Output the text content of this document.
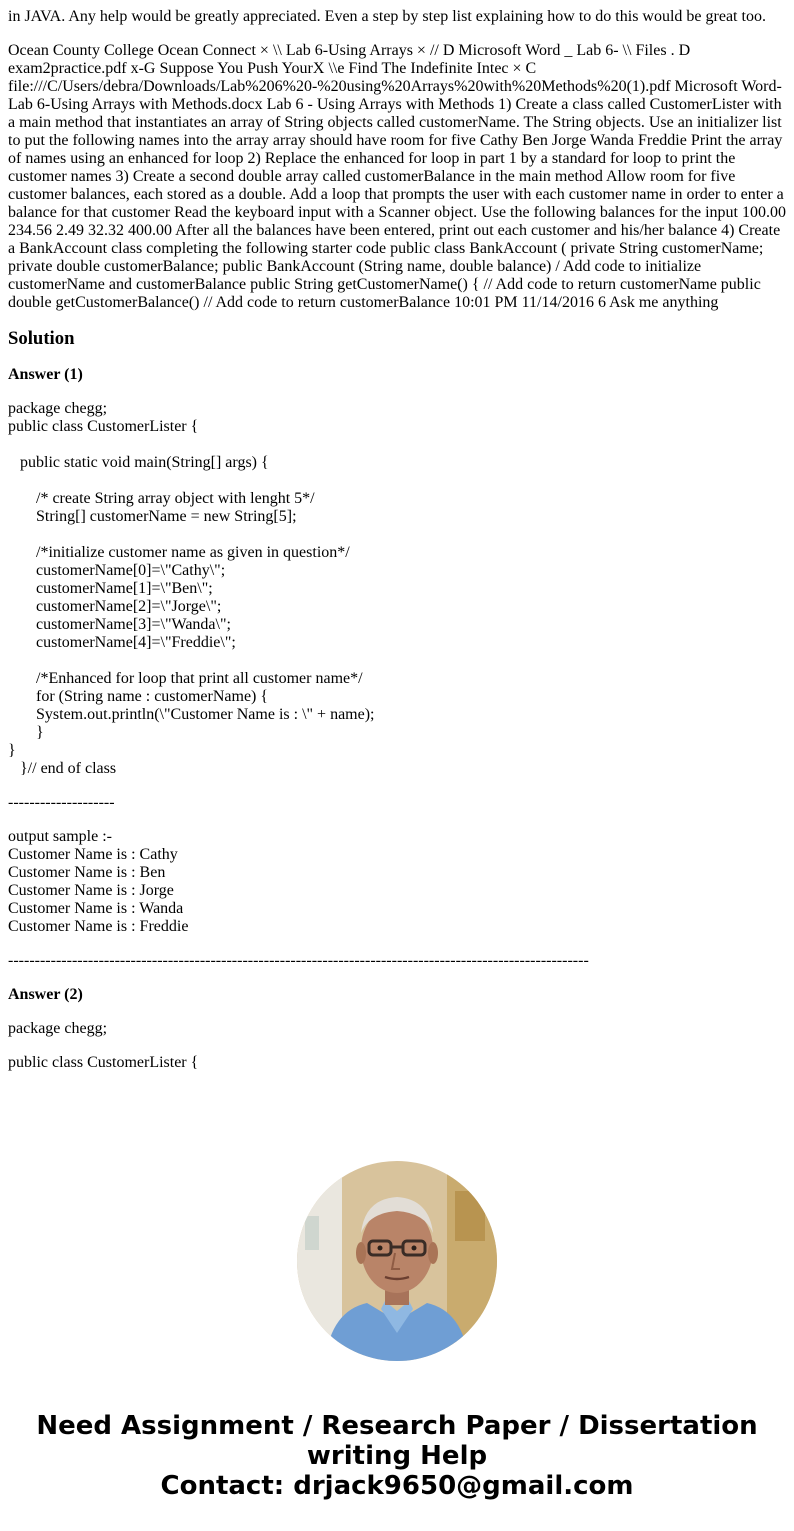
in JAVA. Any help would be greatly appreciated. Even a step by step list explaining how to do this would be great too.

Ocean County College Ocean Connect × \\ Lab 6-Using Arrays × // D Microsoft Word _ Lab 6- \\ Files . D exam2practice.pdf x-G Suppose You Push YourX \\e Find The Indefinite Intec × C file:///C/Users/debra/Downloads/Lab%206%20-%20using%20Arrays%20with%20Methods%20(1).pdf Microsoft Word-Lab 6-Using Arrays with Methods.docx Lab 6 - Using Arrays with Methods 1) Create a class called CustomerLister with a main method that instantiates an array of String objects called customerName. The String objects. Use an initializer list to put the following names into the array array should have room for five Cathy Ben Jorge Wanda Freddie Print the array of names using an enhanced for loop 2) Replace the enhanced for loop in part 1 by a standard for loop to print the customer names 3) Create a second double array called customerBalance in the main method Allow room for five customer balances, each stored as a double. Add a loop that prompts the user with each customer name in order to enter a balance for that customer Read the keyboard input with a Scanner object. Use the following balances for the input 100.00 234.56 2.49 32.32 400.00 After all the balances have been entered, print out each customer and his/her balance 4) Create a BankAccount class completing the following starter code public class BankAccount ( private String customerName; private double customerBalance; public BankAccount (String name, double balance) / Add code to initialize customerName and customerBalance public String getCustomerName() { // Add code to return customerName public double getCustomerBalance() // Add code to return customerBalance 10:01 PM 11/14/2016 6 Ask me anything

Solution

Answer (1)

package chegg;

public class CustomerLister {

public static void main(String[] args) {

/* create String array object with lenght 5*/
String[] customerName = new String[5];

/*initialize customer name as given in question*/
customerName[0]=\"Cathy\";
customerName[1]=\"Ben\";
customerName[2]=\"Jorge\";
customerName[3]=\"Wanda\";
customerName[4]=\"Freddie\";

/*Enhanced for loop that print all customer name*/
for (String name : customerName) {
System.out.println(\"Customer Name is : \" + name);
}
}
}// end of class

--------------------

output sample :-

Customer Name is : Cathy
Customer Name is : Ben
Customer Name is : Jorge
Customer Name is : Wanda
Customer Name is : Freddie

-------------------------------------------------------------------------------------------------------------

Answer (2)

package chegg;

public class CustomerLister {

Need Assignment / Research Paper / Dissertation
writing Help
Contact: drjack9650@gmail.com
